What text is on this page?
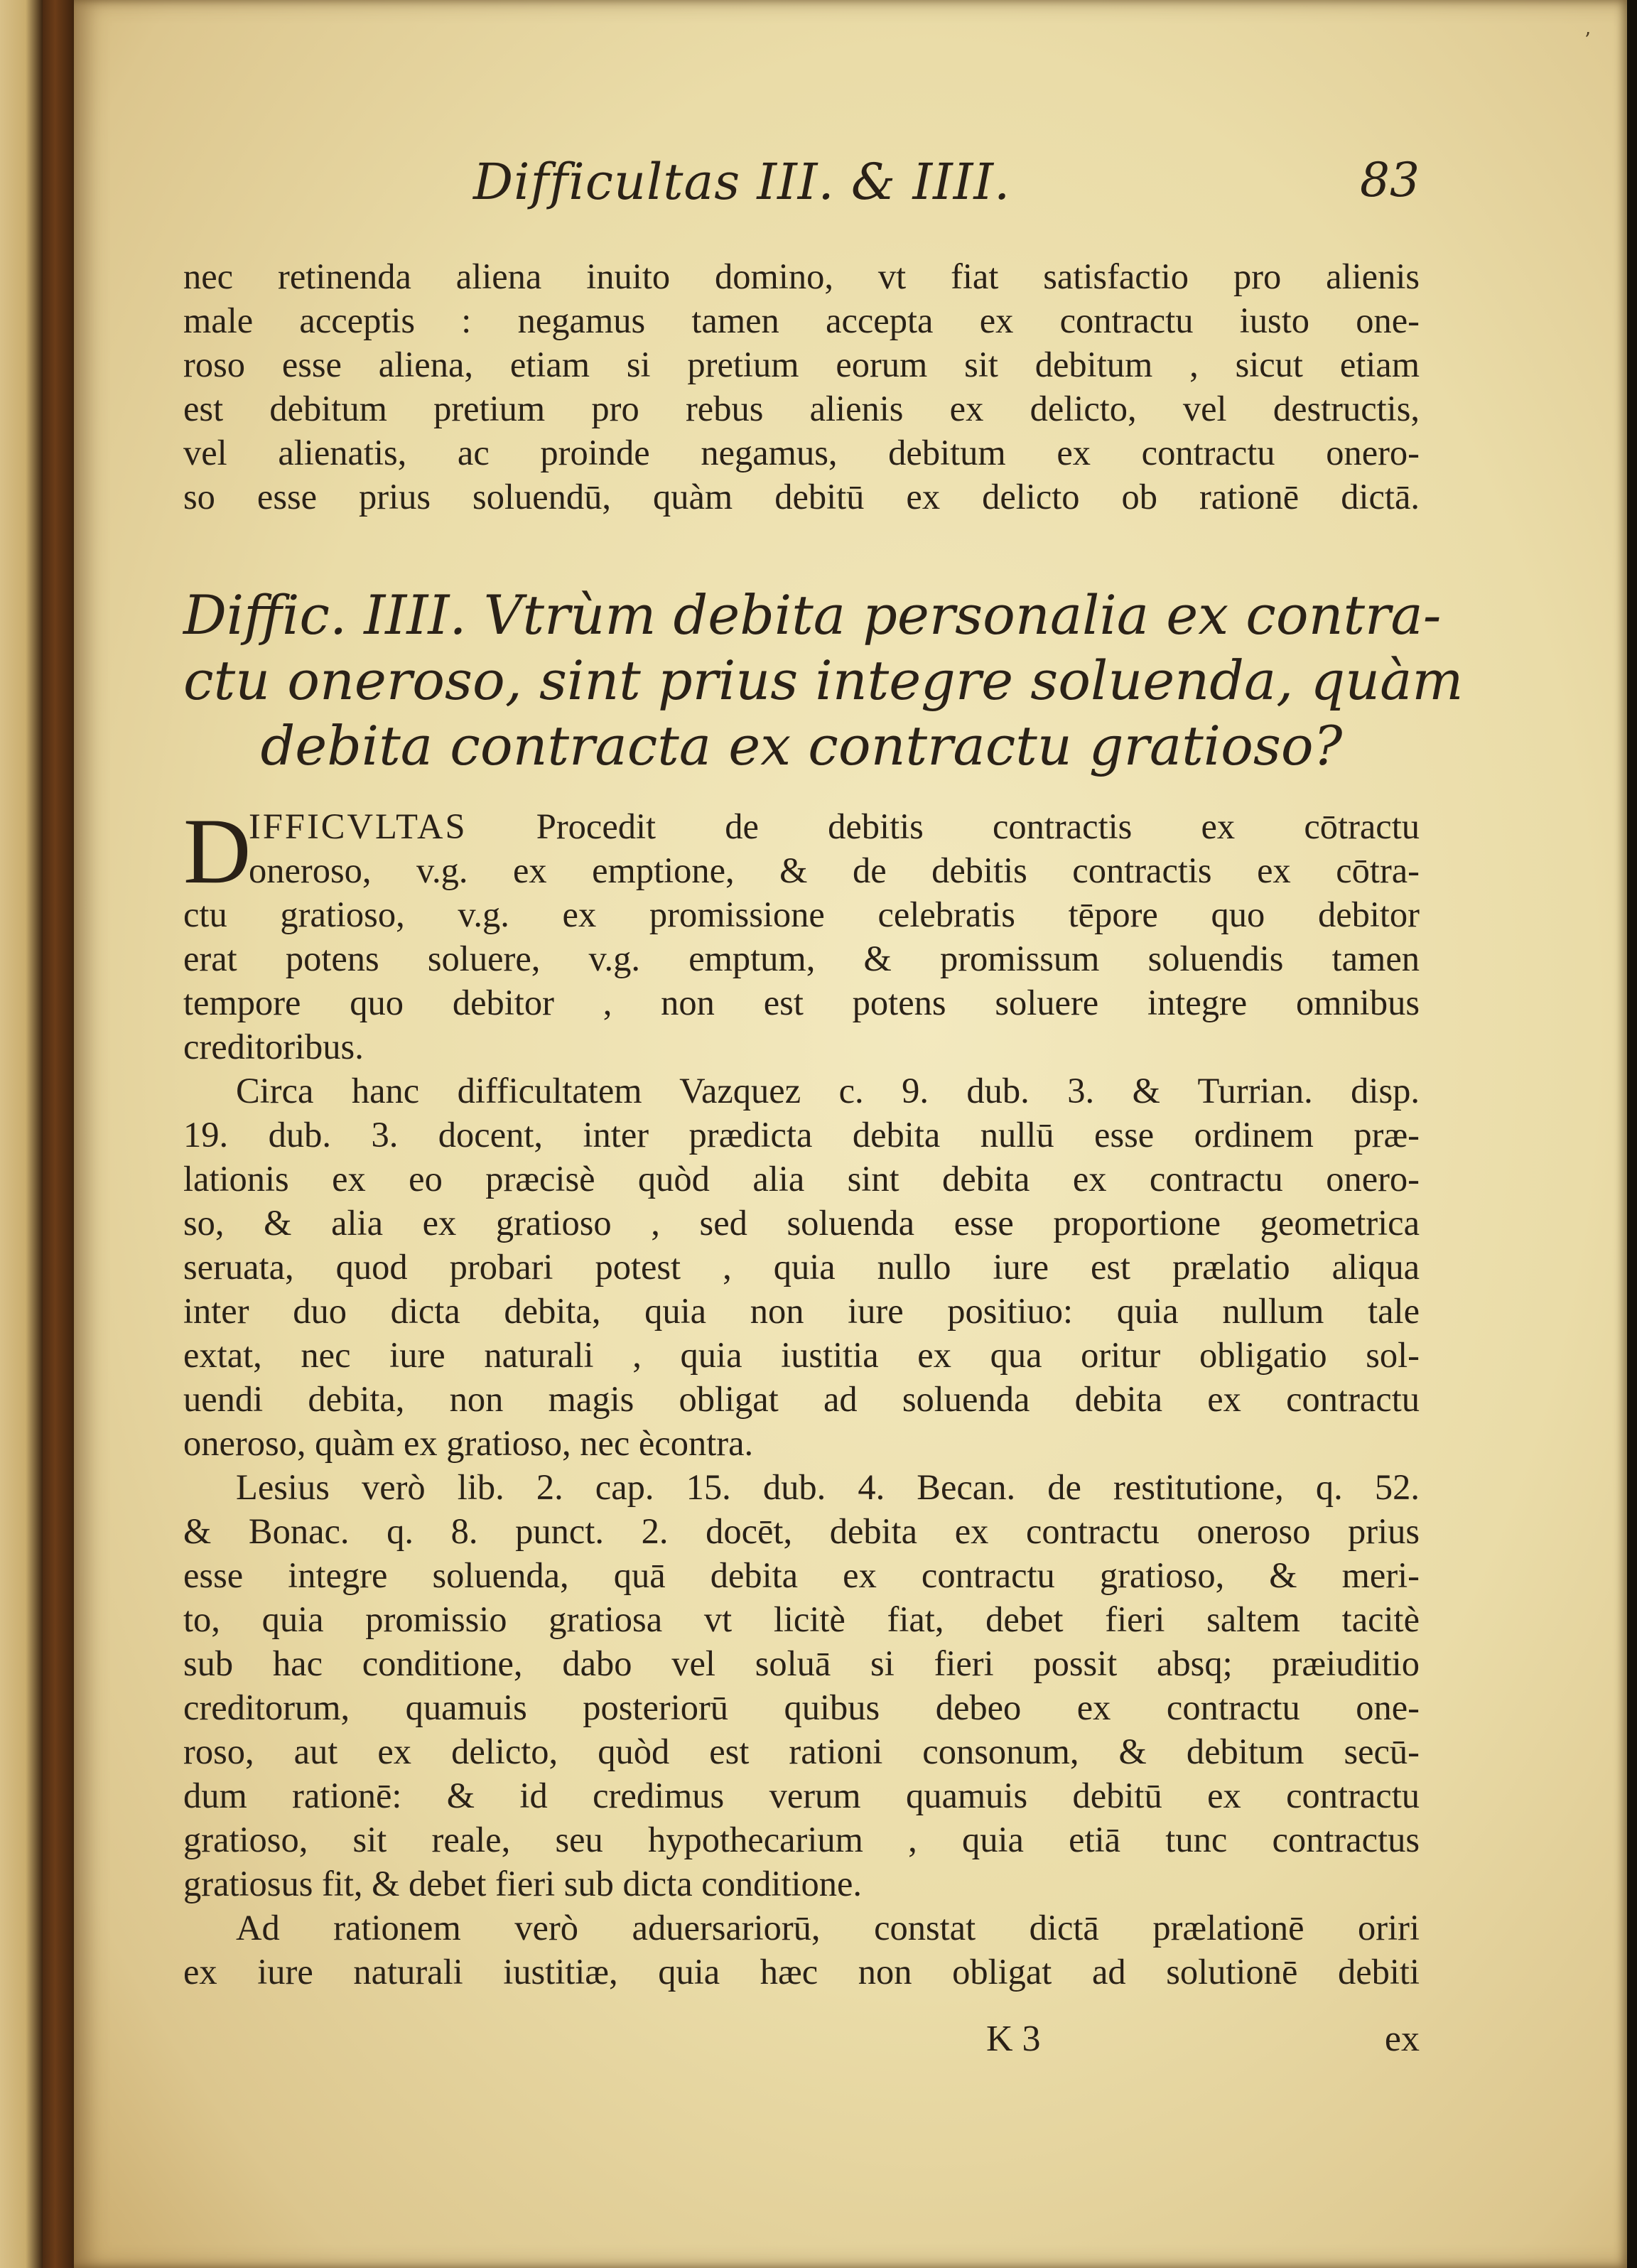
ʼ
Difficultas III. & IIII.	83
nec retinenda aliena inuito domino, vt fiat satisfactio pro alienis
male acceptis : negamus tamen accepta ex contractu iusto one-
roso esse aliena, etiam si pretium eorum sit debitum , sicut etiam
est debitum pretium pro rebus alienis ex delicto, vel destructis,
vel alienatis, ac proinde negamus, debitum ex contractu onero-
so esse prius soluendū, quàm debitū ex delicto ob rationē dictā.
Diffic. IIII. Vtrùm debita personalia ex contra-
ctu oneroso, sint prius integre soluenda, quàm
debita contracta ex contractu gratioso?
D
IFFICVLTAS Procedit de debitis contractis ex cōtractu
oneroso, v.g. ex emptione, & de debitis contractis ex cōtra-
ctu gratioso, v.g. ex promissione celebratis tēpore quo debitor
erat potens soluere, v.g. emptum, & promissum soluendis tamen
tempore quo debitor , non est potens soluere integre omnibus
creditoribus.
Circa hanc difficultatem Vazquez c. 9. dub. 3. & Turrian. disp.
19. dub. 3. docent, inter prædicta debita nullū esse ordinem præ-
lationis ex eo præcisè quòd alia sint debita ex contractu onero-
so, & alia ex gratioso , sed soluenda esse proportione geometrica
seruata, quod probari potest , quia nullo iure est prælatio aliqua
inter duo dicta debita, quia non iure positiuo: quia nullum tale
extat, nec iure naturali , quia iustitia ex qua oritur obligatio sol-
uendi debita, non magis obligat ad soluenda debita ex contractu
oneroso, quàm ex gratioso, nec ècontra.
Lesius verò lib. 2. cap. 15. dub. 4. Becan. de restitutione, q. 52.
& Bonac. q. 8. punct. 2. docēt, debita ex contractu oneroso prius
esse integre soluenda, quā debita ex contractu gratioso, & meri-
to, quia promissio gratiosa vt licitè fiat, debet fieri saltem tacitè
sub hac conditione, dabo vel soluā si fieri possit absq; præiuditio
creditorum, quamuis posteriorū quibus debeo ex contractu one-
roso, aut ex delicto, quòd est rationi consonum, & debitum secū-
dum rationē: & id credimus verum quamuis debitū ex contractu
gratioso, sit reale, seu hypothecarium , quia etiā tunc contractus
gratiosus fit, & debet fieri sub dicta conditione.
Ad rationem verò aduersariorū, constat dictā prælationē oriri
ex iure naturali iustitiæ, quia hæc non obligat ad solutionē debiti
K 3	ex
